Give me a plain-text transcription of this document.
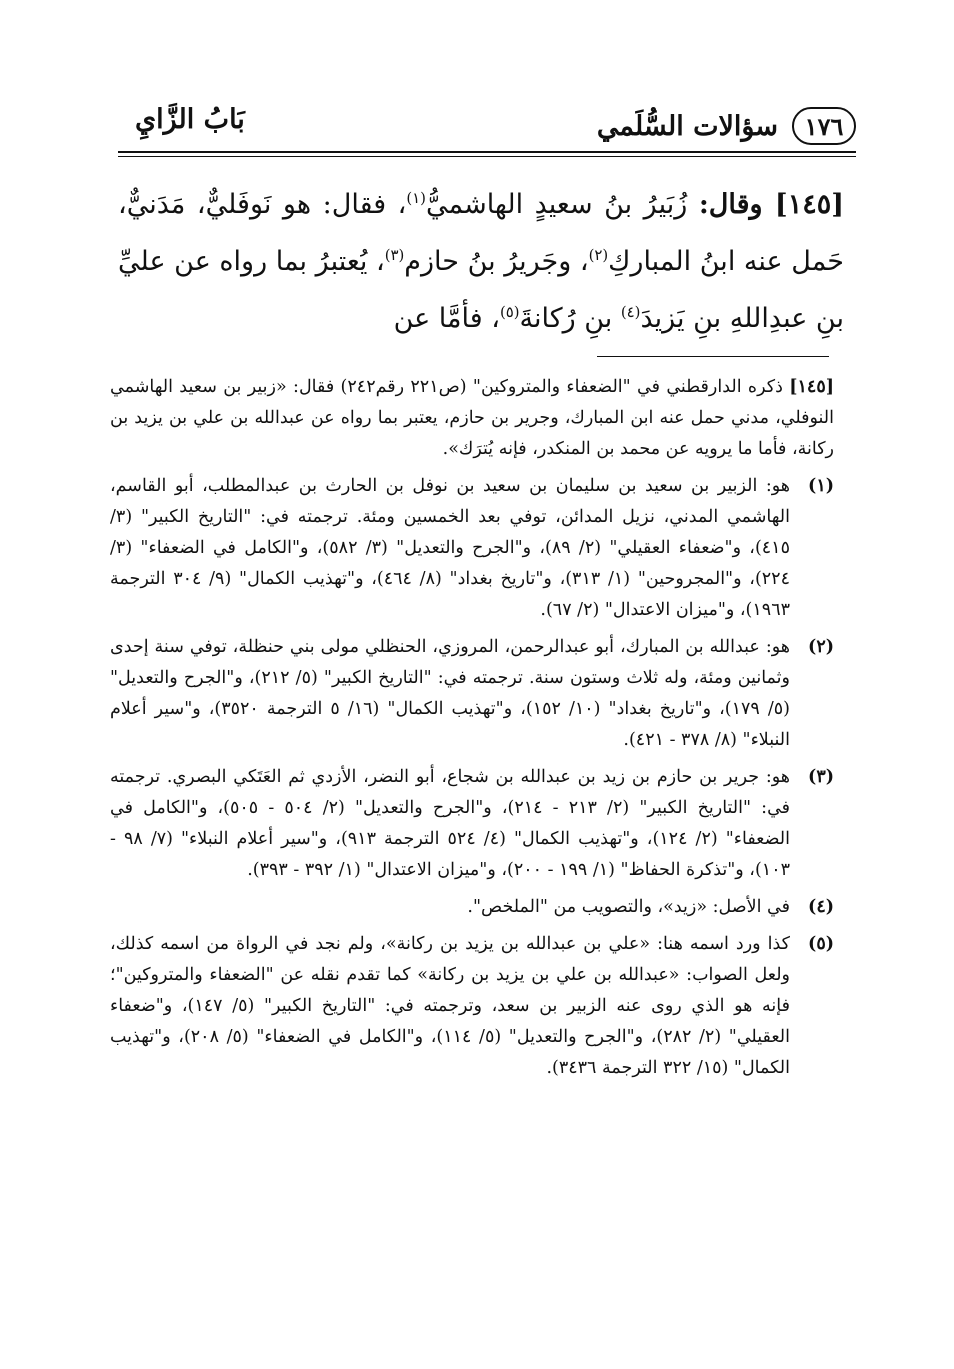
١٧٦
سؤالات السُّلَمي
بَابُ الزَّايِ
[١٤٥] وقال: زُبَيرُ بنُ سعيدٍ الهاشميُّ$^{(١)}$، فقال: هو نَوفَليٌّ، مَدَنيٌّ، حَمل عنه ابنُ المباركِ$^{(٢)}$، وجَريرُ بنُ حازم$^{(٣)}$، يُعتبرُ بما رواه عن عليِّ بنِ عبدِاللهِ بنِ يَزيدَ$^{(٤)}$ بنِ رُكانةَ$^{(٥)}$، فأمَّا عن

[١٤٥] ذكره الدارقطني في "الضعفاء والمتروكين" (ص٢٢١ رقم٢٤٢) فقال: «زبير بن سعيد الهاشمي النوفلي، مدني حمل عنه ابن المبارك، وجرير بن حازم، يعتبر بما رواه عن عبدالله بن علي بن يزيد بن ركانة، فأما ما يرويه عن محمد بن المنكدر، فإنه يُترَك».

(١)
هو: الزبير بن سعيد بن سليمان بن سعيد بن نوفل بن الحارث بن عبدالمطلب، أبو القاسم، الهاشمي المدني، نزيل المدائن، توفي بعد الخمسين ومئة. ترجمته في: "التاريخ الكبير" (٣/ ٤١٥)، و"ضعفاء العقيلي" (٢/ ٨٩)، و"الجرح والتعديل" (٣/ ٥٨٢)، و"الكامل في الضعفاء" (٣/ ٢٢٤)، و"المجروحين" (١/ ٣١٣)، و"تاريخ بغداد" (٨/ ٤٦٤)، و"تهذيب الكمال" (٩/ ٣٠٤ الترجمة ١٩٦٣)، و"ميزان الاعتدال" (٢/ ٦٧).
(٢)
هو: عبدالله بن المبارك، أبو عبدالرحمن، المروزي، الحنظلي مولى بني حنظلة، توفي سنة إحدى وثمانين ومئة، وله ثلاث وستون سنة. ترجمته في: "التاريخ الكبير" (٥/ ٢١٢)، و"الجرح والتعديل" (٥/ ١٧٩)، و"تاريخ بغداد" (١٠/ ١٥٢)، و"تهذيب الكمال" (١٦/ ٥ الترجمة ٣٥٢٠)، و"سير أعلام النبلاء" (٨/ ٣٧٨ - ٤٢١).
(٣)
هو: جرير بن حازم بن زيد بن عبدالله بن شجاع، أبو النضر، الأزدي ثم العَتَكي البصري. ترجمته في: "التاريخ الكبير" (٢/ ٢١٣ - ٢١٤)، و"الجرح والتعديل" (٢/ ٥٠٤ - ٥٠٥)، و"الكامل في الضعفاء" (٢/ ١٢٤)، و"تهذيب الكمال" (٤/ ٥٢٤ الترجمة ٩١٣)، و"سير أعلام النبلاء" (٧/ ٩٨ - ١٠٣)، و"تذكرة الحفاظ" (١/ ١٩٩ - ٢٠٠)، و"ميزان الاعتدال" (١/ ٣٩٢ - ٣٩٣).
(٤)
في الأصل: «زيد»، والتصويب من "الملخص".
(٥)
كذا ورد اسمه هنا: «علي بن عبدالله بن يزيد بن ركانة»، ولم نجد في الرواة من اسمه كذلك، ولعل الصواب: «عبدالله بن علي بن يزيد بن ركانة» كما تقدم نقله عن "الضعفاء والمتروكين"؛ فإنه هو الذي روى عنه الزبير بن سعد، وترجمته في: "التاريخ الكبير" (٥/ ١٤٧)، و"ضعفاء العقيلي" (٢/ ٢٨٢)، و"الجرح والتعديل" (٥/ ١١٤)، و"الكامل في الضعفاء" (٥/ ٢٠٨)، و"تهذيب الكمال" (١٥/ ٣٢٢ الترجمة ٣٤٣٦).
